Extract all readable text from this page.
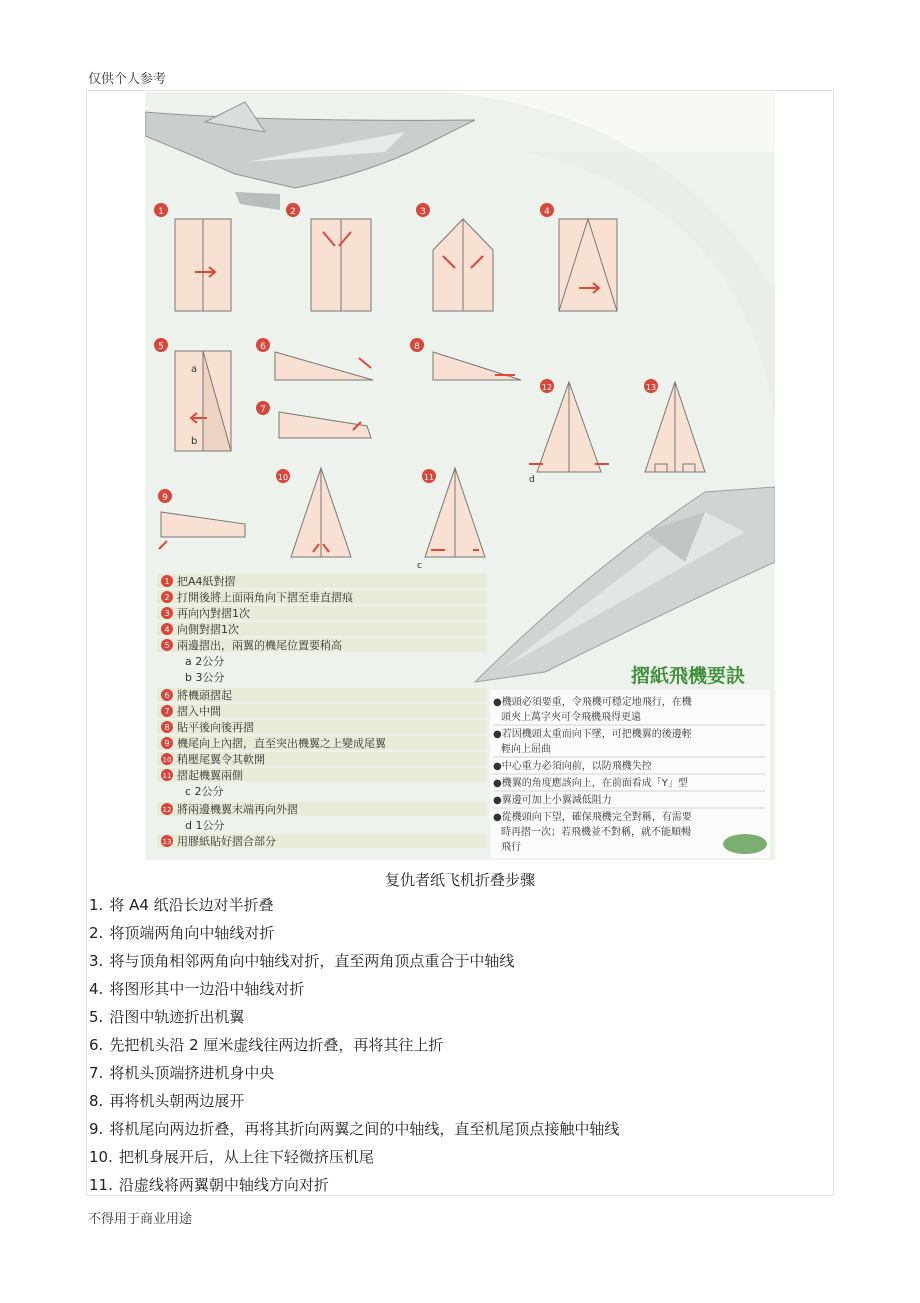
仅供个人参考
1	2	3	4
5
a
b
6
7
8
9
10	11
c
12
d
13
1 把A4紙對摺
2 打開後將上面兩角向下摺至垂直摺痕
3 再向內對摺1次
4 向側對摺1次
5 兩邊摺出，兩翼的機尾位置要稍高
a 2公分
b 3公分
6 將機頭摺起
7 摺入中間
8 貼平後向後再摺
9 機尾向上內摺，直至突出機翼之上變成尾翼
10 稍壓尾翼令其軟開
11 摺起機翼兩側
c 2公分
12 將兩邊機翼末端再向外摺
d 1公分
13 用膠紙貼好摺合部分
摺紙飛機要訣
●機頭必須要重，令飛機可穩定地飛行，在機
頭夾上萬字夾可令飛機飛得更遠
●若因機頭太重而向下墜，可把機翼的後邊輕
輕向上屈曲
●中心重力必須向前，以防飛機失控
●機翼的角度應該向上，在前面看成「Y」型
●翼邊可加上小翼減低阻力
●從機頭向下望，確保飛機完全對稱，有需要
時再摺一次；若飛機並不對稱，就不能順暢
飛行
复仇者纸飞机折叠步骤
1. 将 A4 纸沿长边对半折叠
2. 将顶端两角向中轴线对折
3. 将与顶角相邻两角向中轴线对折，直至两角顶点重合于中轴线
4. 将图形其中一边沿中轴线对折
5. 沿图中轨迹折出机翼
6. 先把机头沿 2 厘米虚线往两边折叠，再将其往上折
7. 将机头顶端挤进机身中央
8. 再将机头朝两边展开
9. 将机尾向两边折叠，再将其折向两翼之间的中轴线，直至机尾顶点接触中轴线
10. 把机身展开后，从上往下轻微挤压机尾
11. 沿虚线将两翼朝中轴线方向对折
不得用于商业用途
